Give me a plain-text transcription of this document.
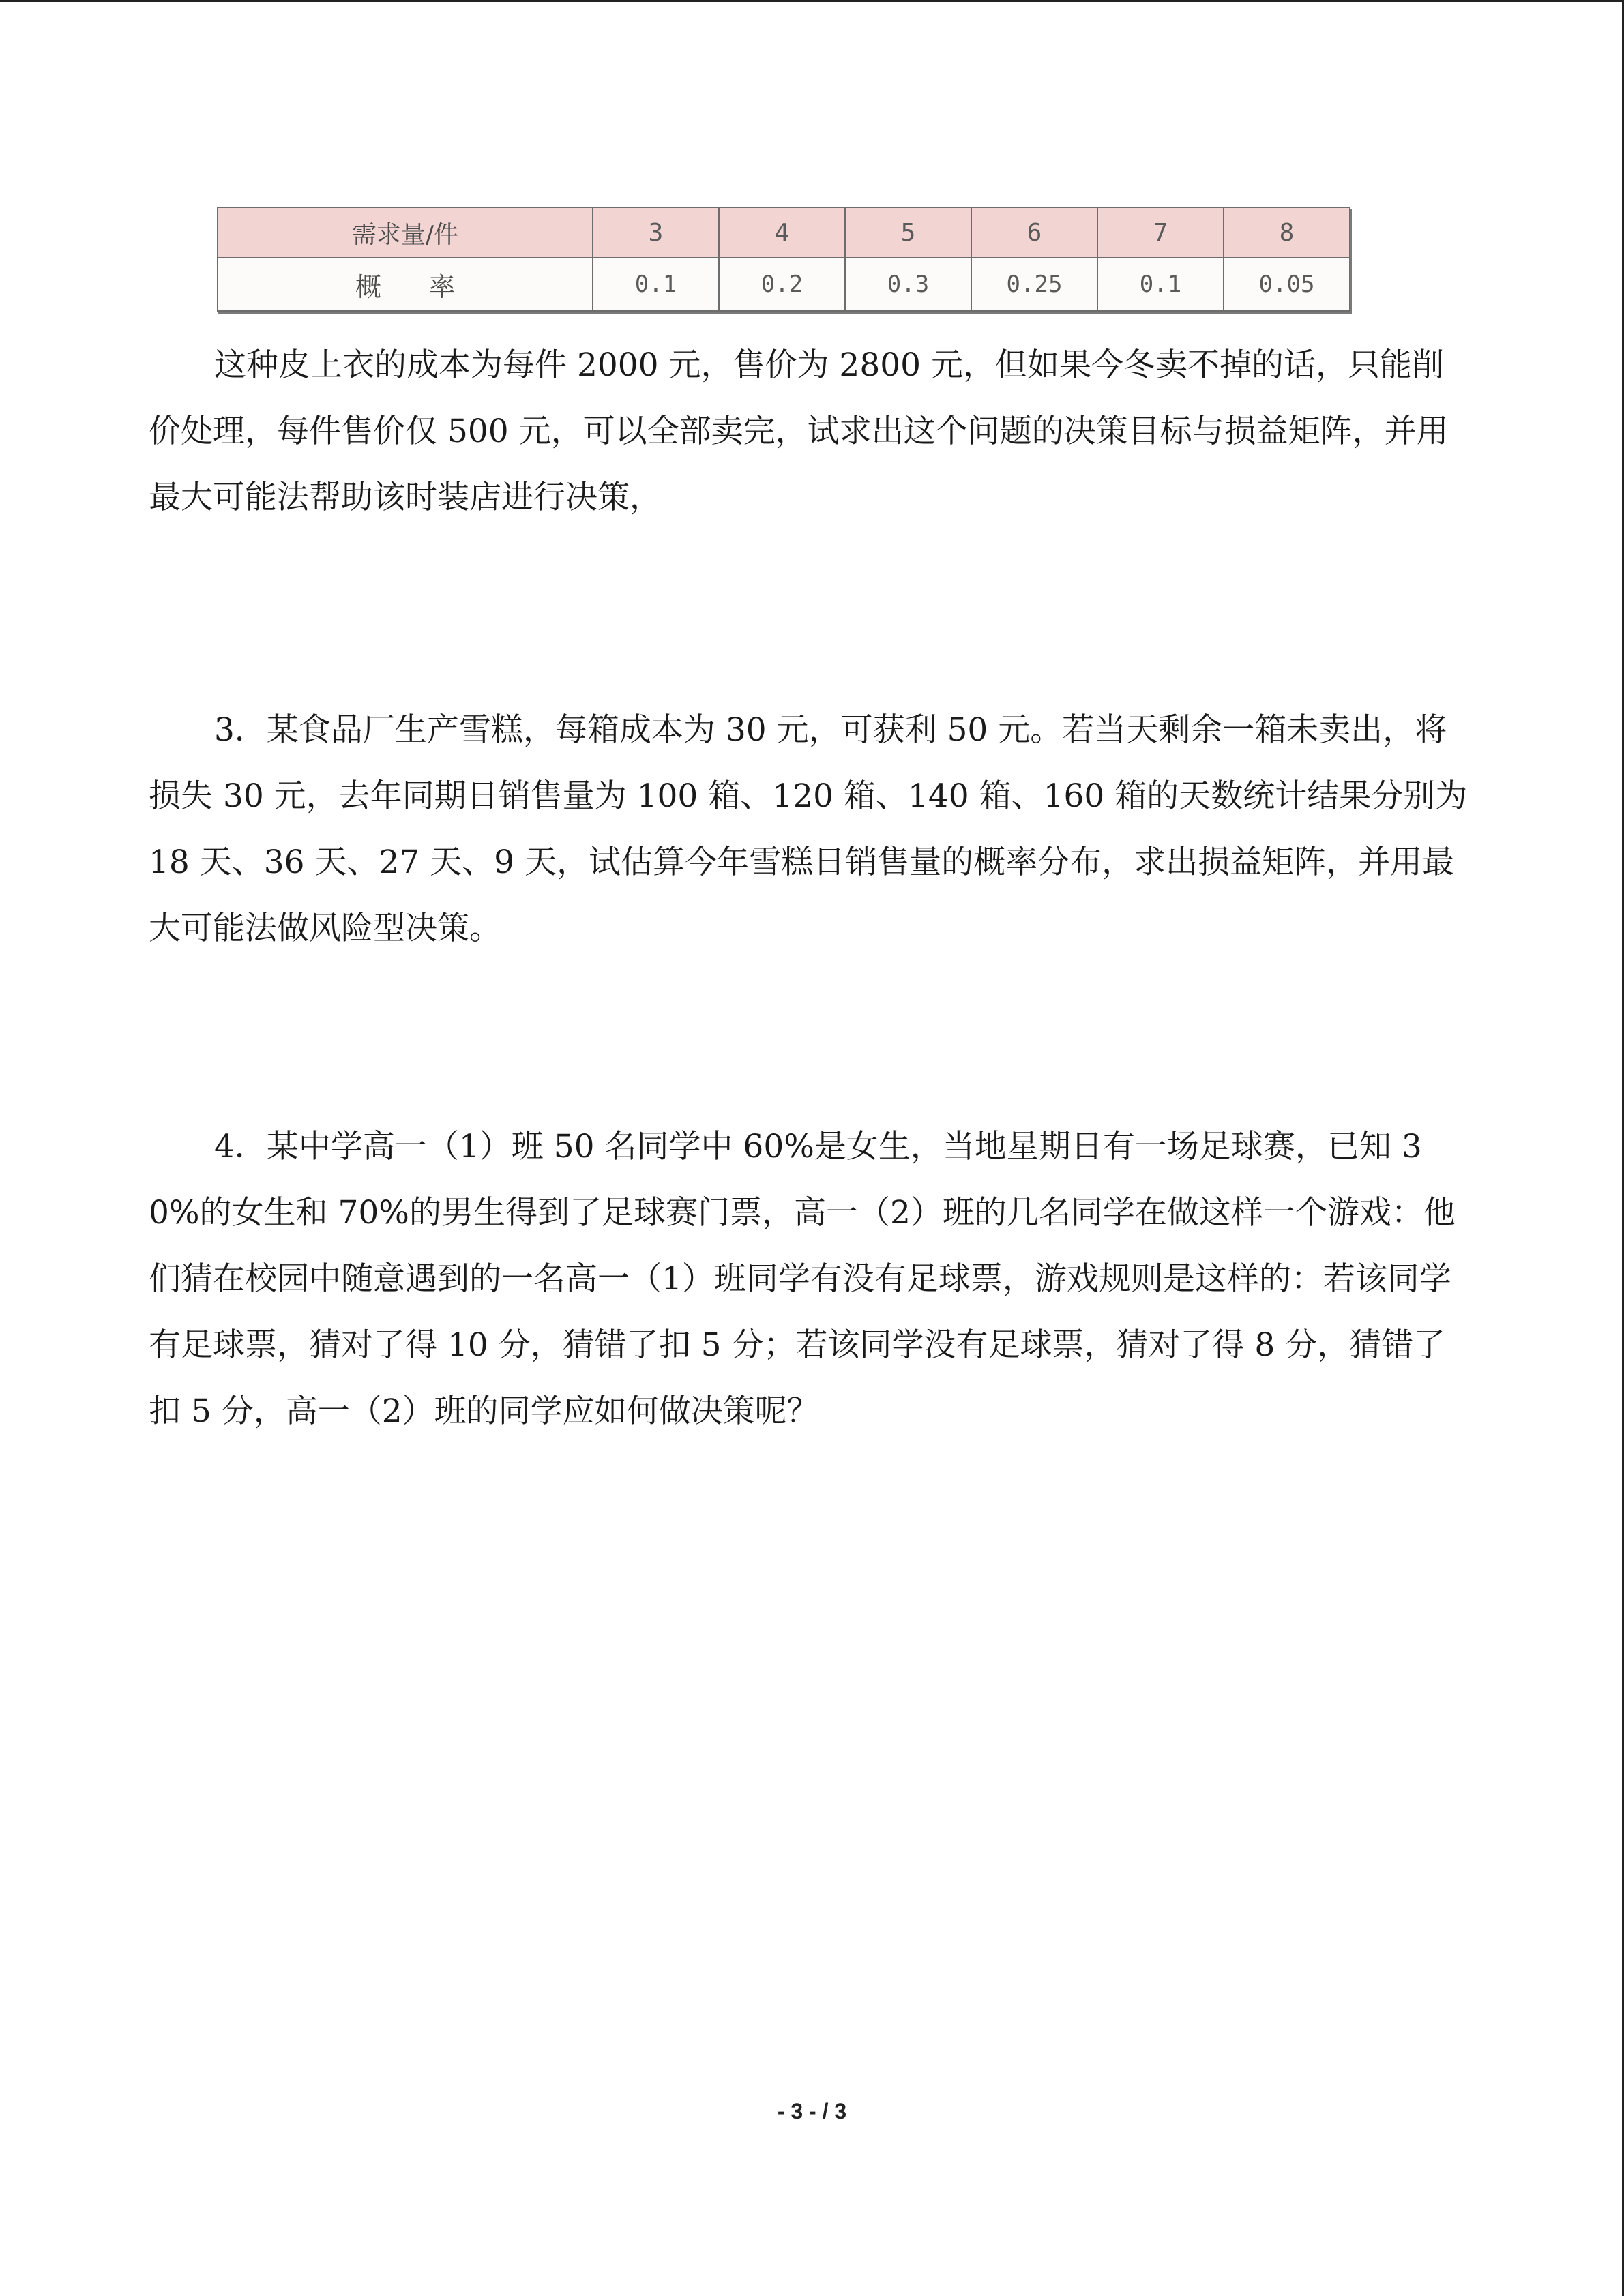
需求量/件	3	4	5	6	7	8
概率	0.1	0.2	0.3	0.25	0.1	0.05

这种皮上衣的成本为每件 2000 元，售价为 2800 元，但如果今冬卖不掉的话，只能削价处理，每件售价仅 500 元，可以全部卖完，试求出这个问题的决策目标与损益矩阵，并用最大可能法帮助该时装店进行决策，

3．某食品厂生产雪糕，每箱成本为 30 元，可获利 50 元。若当天剩余一箱未卖出，将损失 30 元，去年同期日销售量为 100 箱、120 箱、140 箱、160 箱的天数统计结果分别为 18 天、36 天、27 天、9 天，试估算今年雪糕日销售量的概率分布，求出损益矩阵，并用最大可能法做风险型决策。

4．某中学高一（1）班 50 名同学中 60%是女生，当地星期日有一场足球赛，已知 30%的女生和 70%的男生得到了足球赛门票，高一（2）班的几名同学在做这样一个游戏：他们猜在校园中随意遇到的一名高一（1）班同学有没有足球票，游戏规则是这样的：若该同学有足球票，猜对了得 10 分，猜错了扣 5 分；若该同学没有足球票，猜对了得 8 分，猜错了扣 5 分，高一（2）班的同学应如何做决策呢？

- 3 - / 3
